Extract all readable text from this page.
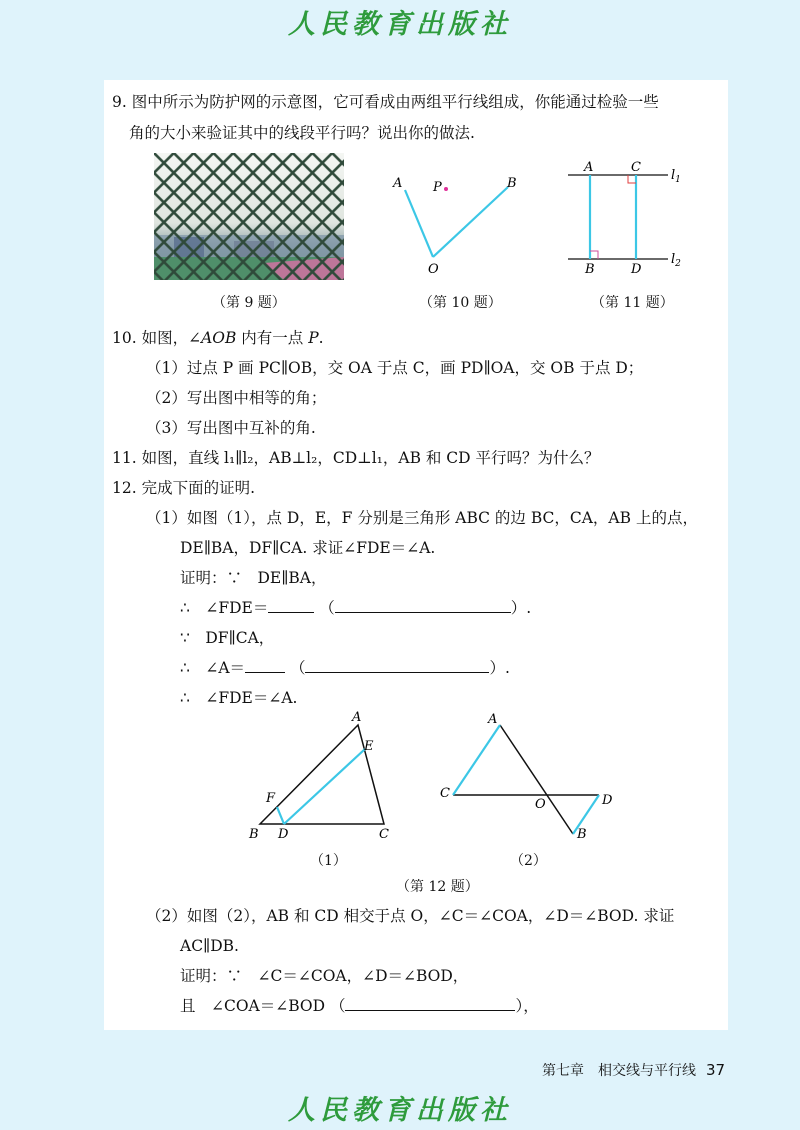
人民教育出版社
9. 图中所示为防护网的示意图，它可看成由两组平行线组成，你能通过检验一些
角的大小来验证其中的线段平行吗？说出你的做法.
（第 9 题）
A P	B
O
（第 10 题）
A	C
B	D
$l_1$
$l_2$
（第 11 题）
10. 如图，∠AOB 内有一点 P.
（1）过点 P 画 PC∥OB，交 OA 于点 C，画 PD∥OA，交 OB 于点 D；
（2）写出图中相等的角；
（3）写出图中互补的角.
11. 如图，直线 l₁∥l₂，AB⊥l₂，CD⊥l₁，AB 和 CD 平行吗？为什么？
12. 完成下面的证明.
（1）如图（1），点 D，E，F 分别是三角形 ABC 的边 BC，CA，AB 上的点，
DE∥BA，DF∥CA. 求证∠FDE＝∠A.
证明：∵　DE∥BA，
∴　∠FDE＝	（	）.
∵　DF∥CA，
∴　∠A＝	（	）.
∴　∠FDE＝∠A.
A
E
F
B D	C
（1）
A
C
O	D
B
（2）
（第 12 题）
（2）如图（2），AB 和 CD 相交于点 O，∠C＝∠COA，∠D＝∠BOD. 求证
AC∥DB.
证明：∵　∠C＝∠COA，∠D＝∠BOD，
且　∠COA＝∠BOD （	），
第七章　相交线与平行线 37
人民教育出版社
